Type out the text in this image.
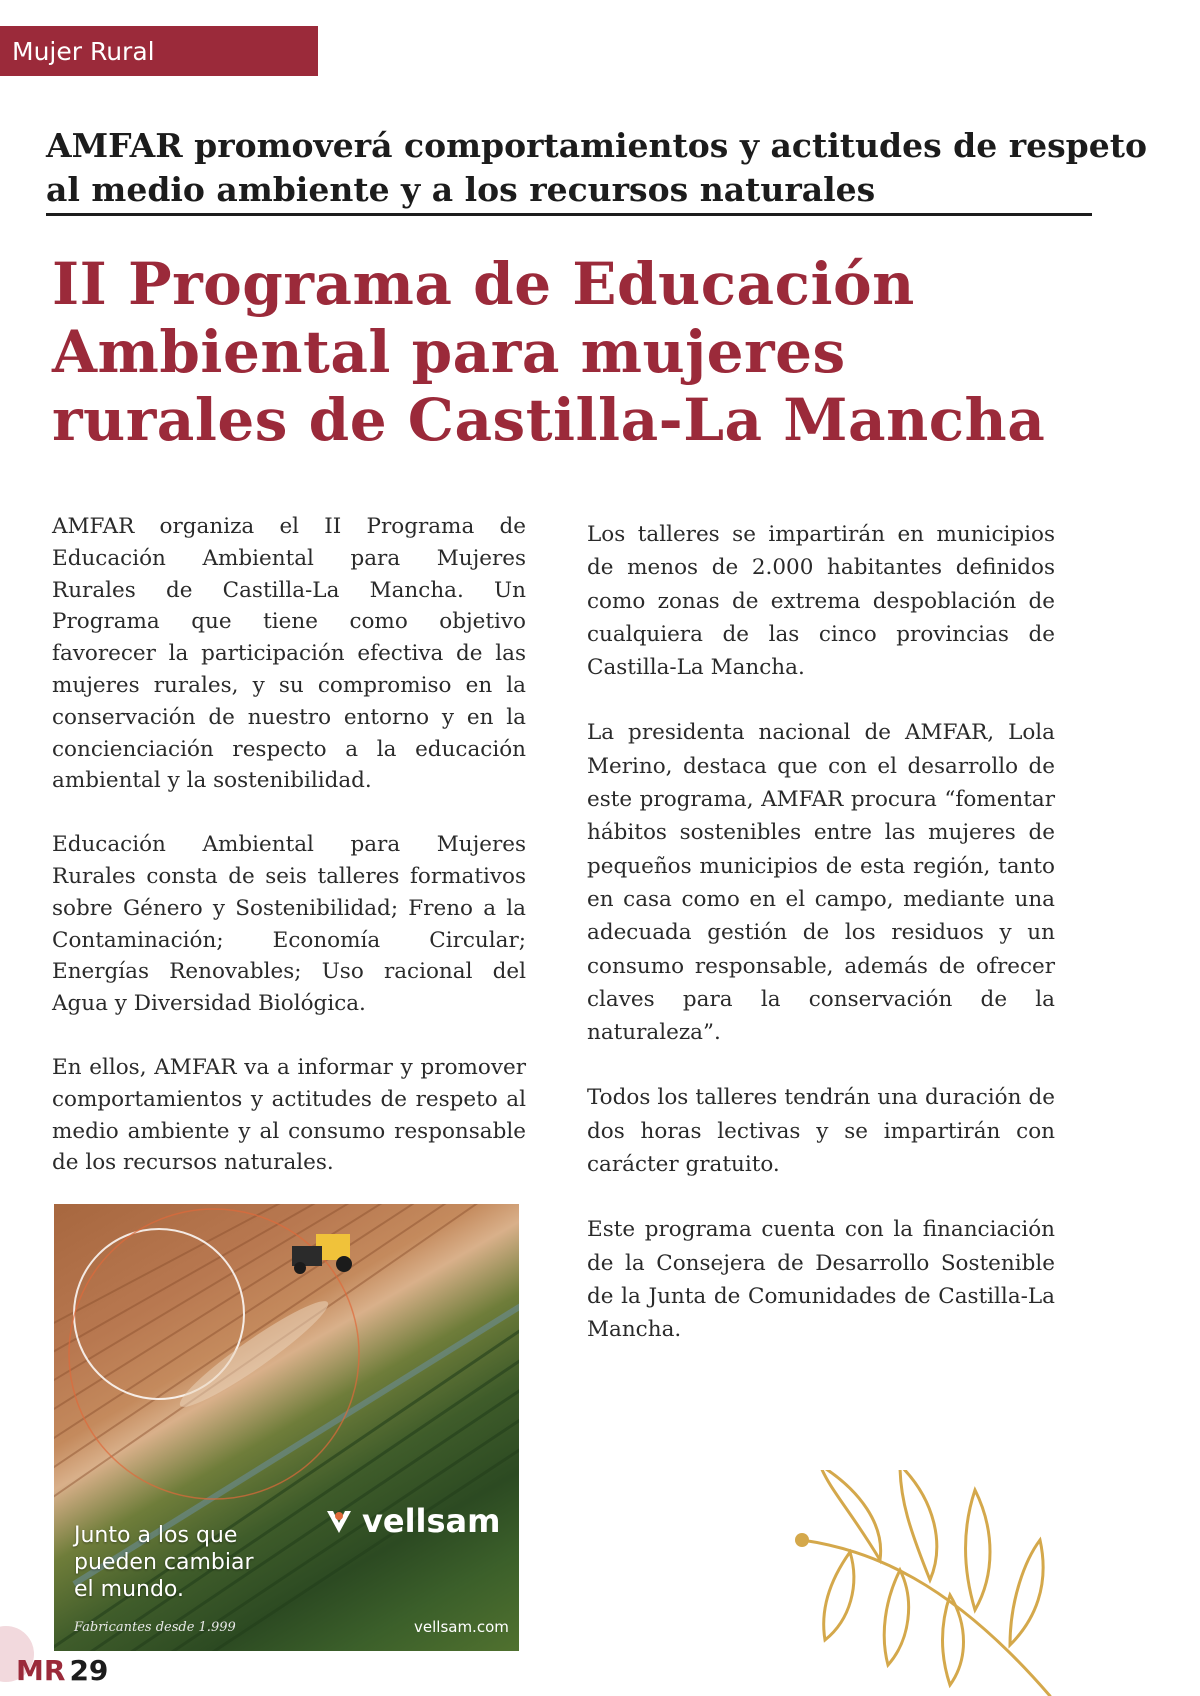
Mujer Rural
AMFAR promoverá comportamientos y actitudes de respeto al medio ambiente y a los recursos naturales
II Programa de Educación
Ambiental para mujeres
rurales de Castilla-La Mancha

AMFAR organiza el II Programa de Educación Ambiental para Mujeres Rurales de Castilla-La Mancha. Un Programa que tiene como objetivo favorecer la participación efectiva de las mujeres rurales, y su compromiso en la conservación de nuestro entorno y en la concienciación respecto a la educación ambiental y la sostenibilidad.

Educación Ambiental para Mujeres Rurales consta de seis talleres formativos sobre Género y Sostenibilidad; Freno a la Contaminación; Economía Circular; Energías Renovables; Uso racional del Agua y Diversidad Biológica.

En ellos, AMFAR va a informar y promover comportamientos y actitudes de respeto al medio ambiente y al consumo responsable de los recursos naturales.

Los talleres se impartirán en municipios de menos de 2.000 habitantes definidos como zonas de extrema despoblación de cualquiera de las cinco provincias de Castilla-La Mancha.

La presidenta nacional de AMFAR, Lola Merino, destaca que con el desarrollo de este programa, AMFAR procura “fomentar hábitos sostenibles entre las mujeres de pequeños municipios de esta región, tanto en casa como en el campo, mediante una adecuada gestión de los residuos y un consumo responsable, además de ofrecer claves para la conservación de la naturaleza”.

Todos los talleres tendrán una duración de dos horas lectivas y se impartirán con carácter gratuito.

Este programa cuenta con la financiación de la Consejera de Desarrollo Sostenible de la Junta de Comunidades de Castilla-La Mancha.

vellsam
Junto a los que
pueden cambiar
el mundo.
Fabricantes desde 1.999	vellsam.com
MR 29
